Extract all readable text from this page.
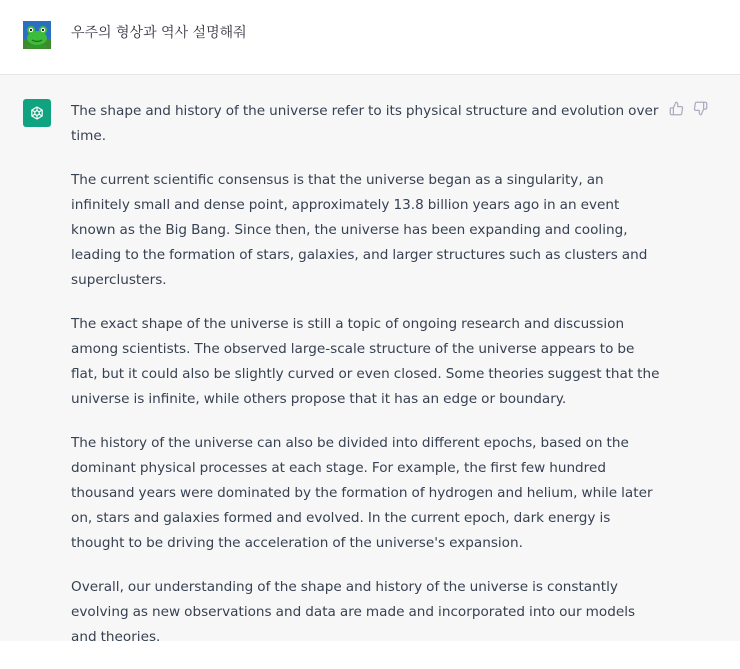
우주의 형상과 역사 설명해줘

The shape and history of the universe refer to its physical structure and evolution over time.

The current scientific consensus is that the universe began as a singularity, an infinitely small and dense point, approximately 13.8 billion years ago in an event known as the Big Bang. Since then, the universe has been expanding and cooling, leading to the formation of stars, galaxies, and larger structures such as clusters and superclusters.

The exact shape of the universe is still a topic of ongoing research and discussion among scientists. The observed large-scale structure of the universe appears to be flat, but it could also be slightly curved or even closed. Some theories suggest that the universe is infinite, while others propose that it has an edge or boundary.

The history of the universe can also be divided into different epochs, based on the dominant physical processes at each stage. For example, the first few hundred thousand years were dominated by the formation of hydrogen and helium, while later on, stars and galaxies formed and evolved. In the current epoch, dark energy is thought to be driving the acceleration of the universe's expansion.

Overall, our understanding of the shape and history of the universe is constantly evolving as new observations and data are made and incorporated into our models and theories.
